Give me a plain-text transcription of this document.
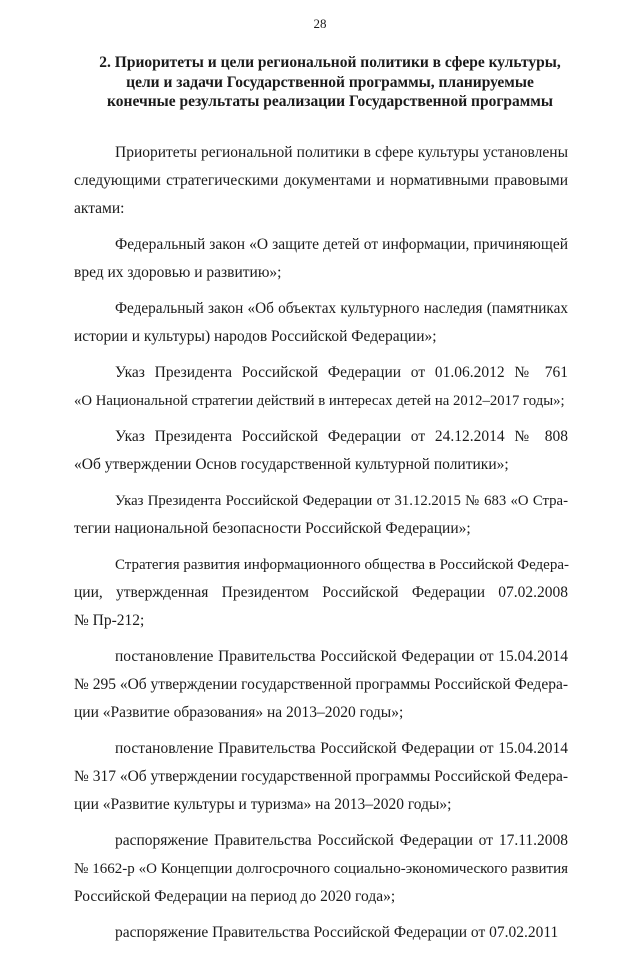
28
2. Приоритеты и цели региональной политики в сфере культуры,
цели и задачи Государственной программы, планируемые
конечные результаты реализации Государственной программы
Приоритеты региональной политики в сфере культуры установлены
следующими стратегическими документами и нормативными правовыми
актами:
Федеральный закон «О защите детей от информации, причиняющей
вред их здоровью и развитию»;
Федеральный закон «Об объектах культурного наследия (памятниках
истории и культуры) народов Российской Федерации»;
Указ Президента Российской Федерации от 01.06.2012 № 761
«О Национальной стратегии действий в интересах детей на 2012–2017 годы»;
Указ Президента Российской Федерации от 24.12.2014 № 808
«Об утверждении Основ государственной культурной политики»;
Указ Президента Российской Федерации от 31.12.2015 № 683 «О Стра-
тегии национальной безопасности Российской Федерации»;
Стратегия развития информационного общества в Российской Федера-
ции, утвержденная Президентом Российской Федерации 07.02.2008
№ Пр-212;
постановление Правительства Российской Федерации от 15.04.2014
№ 295 «Об утверждении государственной программы Российской Федера-
ции «Развитие образования» на 2013–2020 годы»;
постановление Правительства Российской Федерации от 15.04.2014
№ 317 «Об утверждении государственной программы Российской Федера-
ции «Развитие культуры и туризма» на 2013–2020 годы»;
распоряжение Правительства Российской Федерации от 17.11.2008
№ 1662-р «О Концепции долгосрочного социально-экономического развития
Российской Федерации на период до 2020 года»;
распоряжение Правительства Российской Федерации от 07.02.2011
